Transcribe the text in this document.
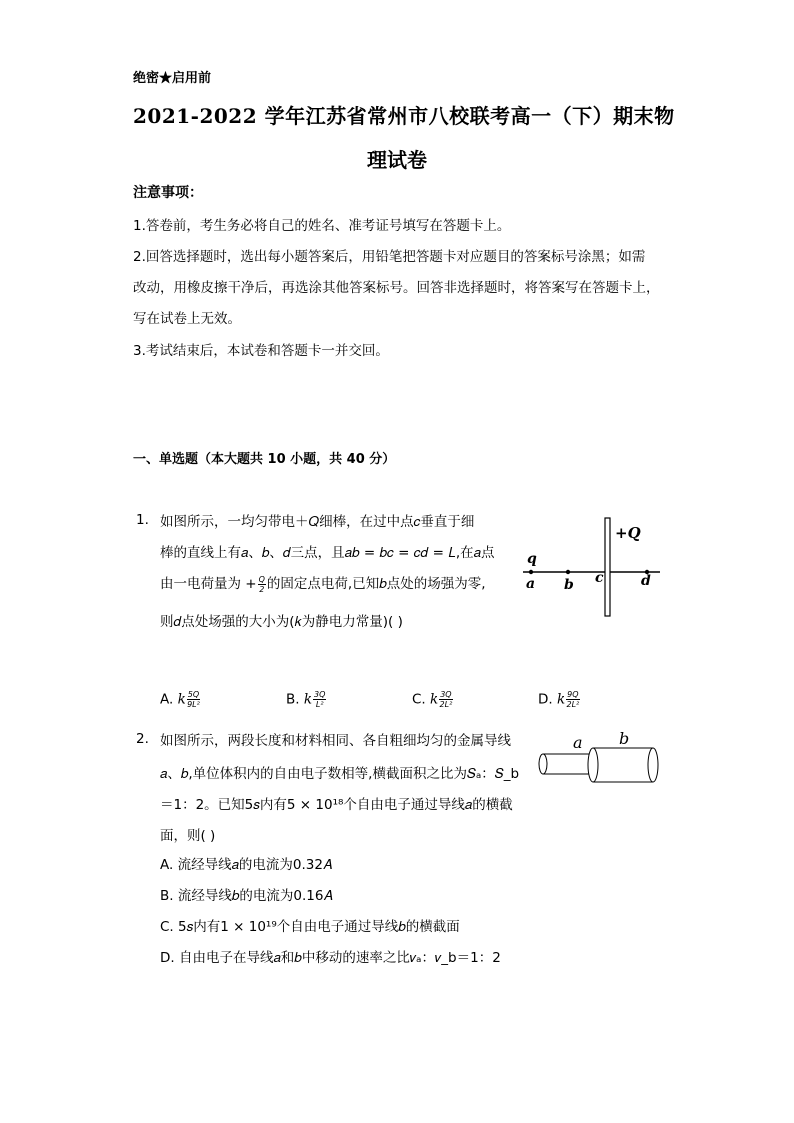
绝密★启用前
2021-2022 学年江苏省常州市八校联考高一（下）期末物
理试卷
注意事项：
1.答卷前，考生务必将自己的姓名、准考证号填写在答题卡上。
2.回答选择题时，选出每小题答案后，用铅笔把答题卡对应题目的答案标号涂黑；如需
改动，用橡皮擦干净后，再选涂其他答案标号。回答非选择题时，将答案写在答题卡上，
写在试卷上无效。
3.考试结束后，本试卷和答题卡一并交回。
一、单选题（本大题共 10 小题，共 40 分）
1. 如图所示，一均匀带电＋𝑄细棒，在过中点𝑐垂直于细
棒的直线上有𝑎、𝑏、𝑑三点，且𝑎𝑏 = 𝑏𝑐 = 𝑐𝑑 = 𝐿,在𝑎点
由一电荷量为 + $\frac{Q}{2}$ 的固定点电荷,已知𝑏点处的场强为零,
则𝑑点处场强的大小为(𝑘为静电力常量)( )
+Q
q
a b c	d
A. k $\frac{5Q}{\text{9L²}}$	B. k $\frac{3Q}{\text{L²}}$	C. k $\frac{3Q}{\text{2L²}}$	D. k $\frac{9Q}{\text{2L²}}$
2. 如图所示，两段长度和材料相同、各自粗细均匀的金属导线
𝑎、𝑏,单位体积内的自由电子数相等,横截面积之比为𝑆ₐ：𝑆_b
＝1：2。已知5𝑠内有5 × 10¹⁸个自由电子通过导线𝑎的横截
面，则( )
a b
A. 流经导线𝑎的电流为0.32𝐴
B. 流经导线𝑏的电流为0.16𝐴
C. 5𝑠内有1 × 10¹⁹个自由电子通过导线𝑏的横截面
D. 自由电子在导线𝑎和𝑏中移动的速率之比𝑣ₐ：𝑣_b＝1：2
